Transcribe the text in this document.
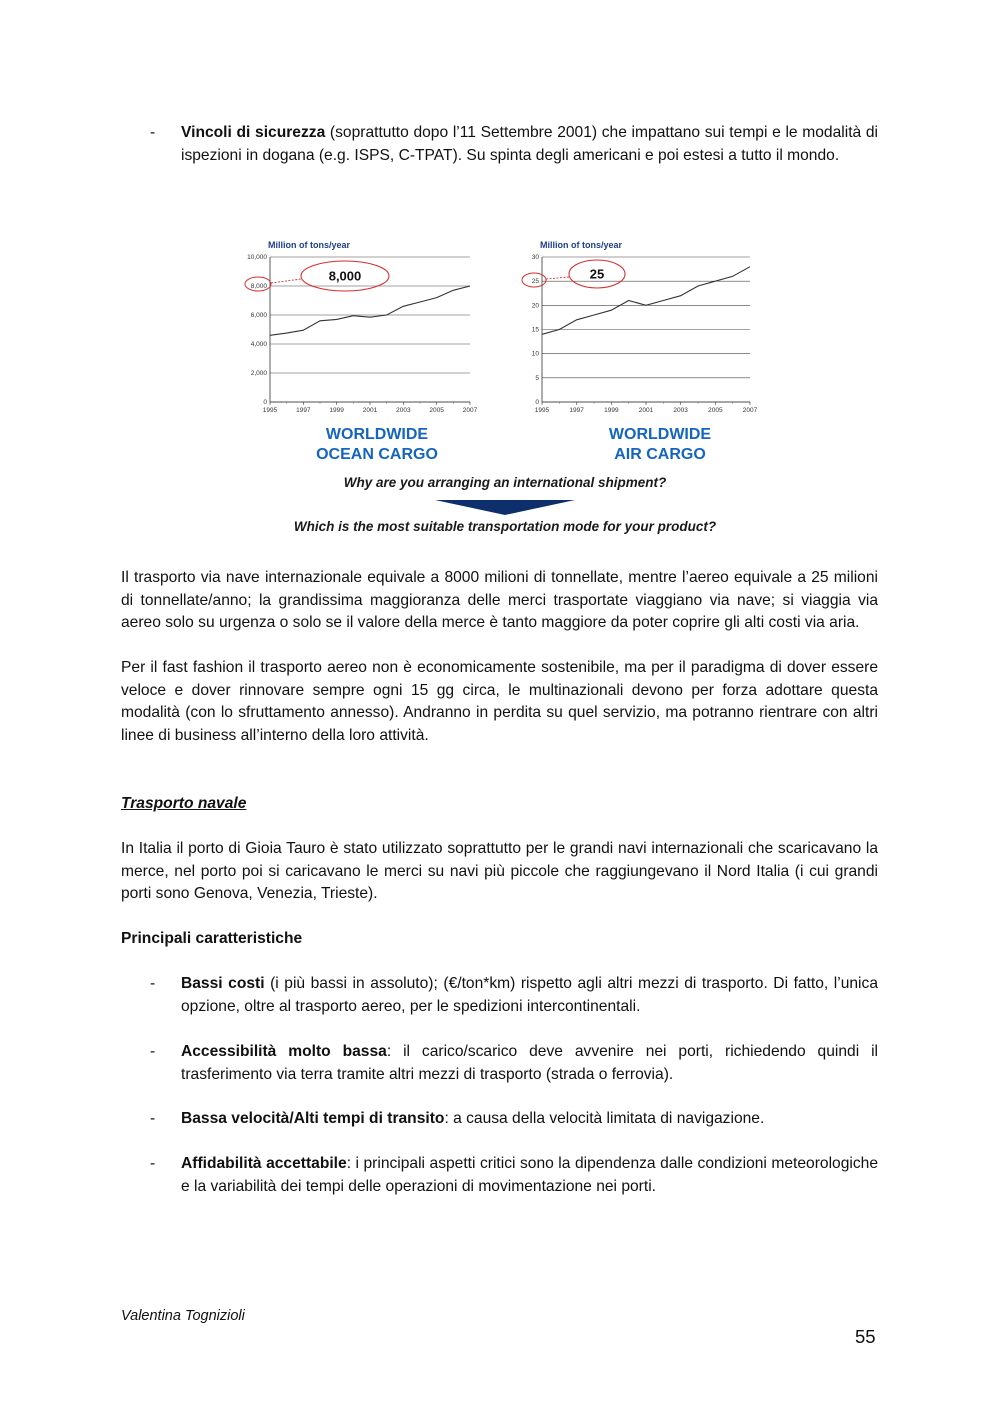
- Vincoli di sicurezza (soprattutto dopo l’11 Settembre 2001) che impattano sui tempi e le modalità di ispezioni in dogana (e.g. ISPS, C-TPAT). Su spinta degli americani e poi estesi a tutto il mondo.
Million of tons/year
0
2,000
4,000
6,000
8,000
10,000
1995	1997	1999	2001	2003	2005	2007
8,000
Million of tons/year
0
5
10
15
20
25
30
1995	1997	1999	2001	2003	2005	2007
25
WORLDWIDE
OCEAN CARGO
WORLDWIDE
AIR CARGO
Why are you arranging an international shipment?
Which is the most suitable transportation mode for your product?
Il trasporto via nave internazionale equivale a 8000 milioni di tonnellate, mentre l’aereo equivale a 25 milioni di tonnellate/anno; la grandissima maggioranza delle merci trasportate viaggiano via nave; si viaggia via aereo solo su urgenza o solo se il valore della merce è tanto maggiore da poter coprire gli alti costi via aria.
Per il fast fashion il trasporto aereo non è economicamente sostenibile, ma per il paradigma di dover essere veloce e dover rinnovare sempre ogni 15 gg circa, le multinazionali devono per forza adottare questa modalità (con lo sfruttamento annesso). Andranno in perdita su quel servizio, ma potranno rientrare con altri linee di business all’interno della loro attività.
Trasporto navale
In Italia il porto di Gioia Tauro è stato utilizzato soprattutto per le grandi navi internazionali che scaricavano la merce, nel porto poi si caricavano le merci su navi più piccole che raggiungevano il Nord Italia (i cui grandi porti sono Genova, Venezia, Trieste).
Principali caratteristiche
- Bassi costi (i più bassi in assoluto); (€/ton*km) rispetto agli altri mezzi di trasporto. Di fatto, l’unica opzione, oltre al trasporto aereo, per le spedizioni intercontinentali.
- Accessibilità molto bassa: il carico/scarico deve avvenire nei porti, richiedendo quindi il trasferimento via terra tramite altri mezzi di trasporto (strada o ferrovia).
- Bassa velocità/Alti tempi di transito: a causa della velocità limitata di navigazione.
- Affidabilità accettabile: i principali aspetti critici sono la dipendenza dalle condizioni meteorologiche e la variabilità dei tempi delle operazioni di movimentazione nei porti.
Valentina Tognizioli
55
